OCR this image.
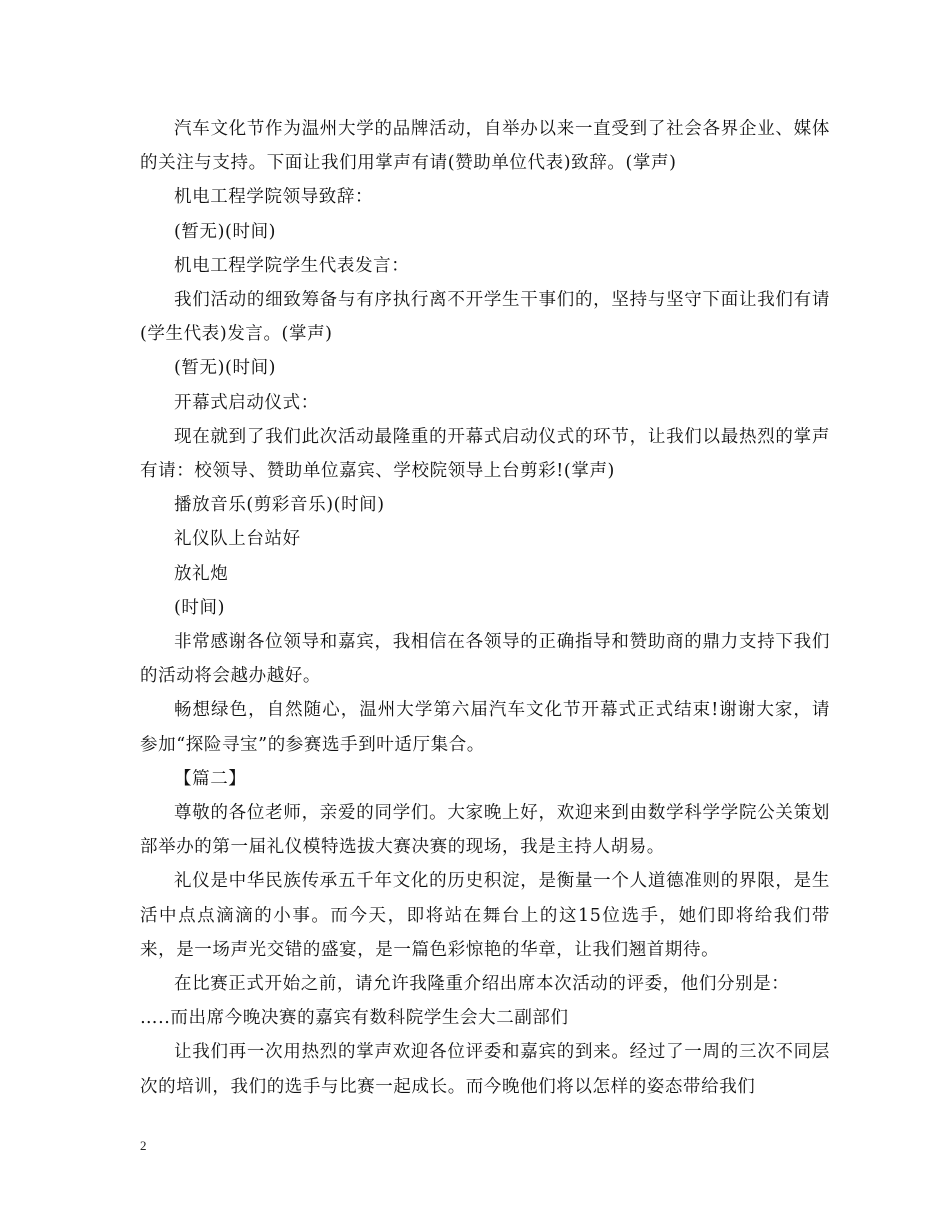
汽车文化节作为温州大学的品牌活动，自举办以来一直受到了社会各界企业、媒体的关注与支持。下面让我们用掌声有请(赞助单位代表)致辞。(掌声)

机电工程学院领导致辞：

(暂无)(时间)

机电工程学院学生代表发言：

我们活动的细致筹备与有序执行离不开学生干事们的，坚持与坚守下面让我们有请(学生代表)发言。(掌声)

(暂无)(时间)

开幕式启动仪式：

现在就到了我们此次活动最隆重的开幕式启动仪式的环节，让我们以最热烈的掌声有请：校领导、赞助单位嘉宾、学校院领导上台剪彩!(掌声)

播放音乐(剪彩音乐)(时间)

礼仪队上台站好

放礼炮

(时间)

非常感谢各位领导和嘉宾，我相信在各领导的正确指导和赞助商的鼎力支持下我们的活动将会越办越好。

畅想绿色，自然随心，温州大学第六届汽车文化节开幕式正式结束!谢谢大家，请参加“探险寻宝”的参赛选手到叶适厅集合。

【篇二】

尊敬的各位老师，亲爱的同学们。大家晚上好，欢迎来到由数学科学学院公关策划部举办的第一届礼仪模特选拔大赛决赛的现场，我是主持人胡易。

礼仪是中华民族传承五千年文化的历史积淀，是衡量一个人道德准则的界限，是生活中点点滴滴的小事。而今天，即将站在舞台上的这15位选手，她们即将给我们带来，是一场声光交错的盛宴，是一篇色彩惊艳的华章，让我们翘首期待。

在比赛正式开始之前，请允许我隆重介绍出席本次活动的评委，他们分别是：

…..而出席今晚决赛的嘉宾有数科院学生会大二副部们

让我们再一次用热烈的掌声欢迎各位评委和嘉宾的到来。经过了一周的三次不同层次的培训，我们的选手与比赛一起成长。而今晚他们将以怎样的姿态带给我们

2
